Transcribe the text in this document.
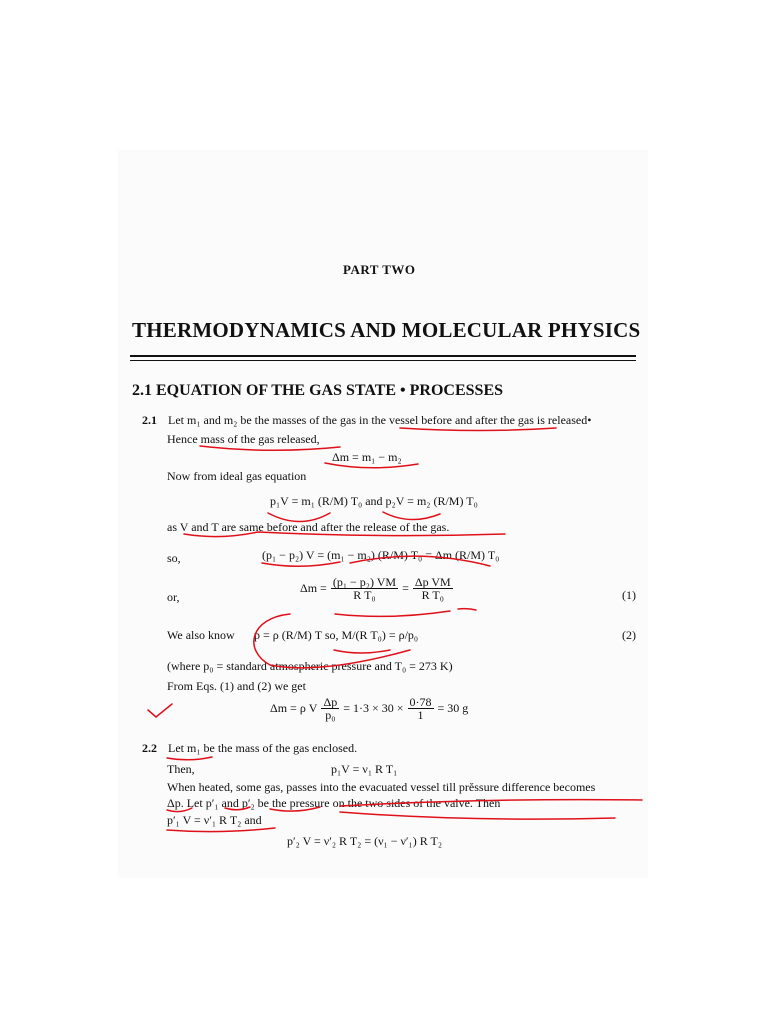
PART TWO
THERMODYNAMICS AND MOLECULAR PHYSICS
2.1 EQUATION OF THE GAS STATE • PROCESSES
2.1 Let m₁ and m₂ be the masses of the gas in the vessel before and after the gas is released•
Hence mass of the gas released,
Δm = m₁ − m₂
Now from ideal gas equation
p₁V = m₁ (R/M) T₀ and p₂V = m₂ (R/M) T₀
as V and T are same before and after the release of the gas.
so,	(p₁ − p₂) V = (m₁ − m₂) (R/M) T₀ = Δm (R/M) T₀
or,
$\Delta m = \frac{\text{(p₁ − p₂) VM}}{\text{R T₀}} = \frac{\text{Δp VM}}{\text{R T₀}}$	(1)
We also know p = ρ (R/M) T so, M/(R T₀) = ρ/p₀	(2)
(where p₀ = standard atmospheric pressure and T₀ = 273 K)
From Eqs. (1) and (2) we get
Δm = ρ V $\frac{\Delta p}{\text{p₀}} = 1\cdot 3 \times 30 \times \frac{0\cdot 78}{1} = 30$ g
2.2 Let m₁ be the mass of the gas enclosed.
Then,	p₁V = ν₁ R T₁
When heated, some gas, passes into the evacuated vessel till prĕssure difference becomes
Δp. Let p′₁ and p′₂ be the pressure on the two sides of the valve. Then
p′₁ V = ν′₁ R T₂ and
p′₂ V = ν′₂ R T₂ = (ν₁ − ν′₁) R T₂
